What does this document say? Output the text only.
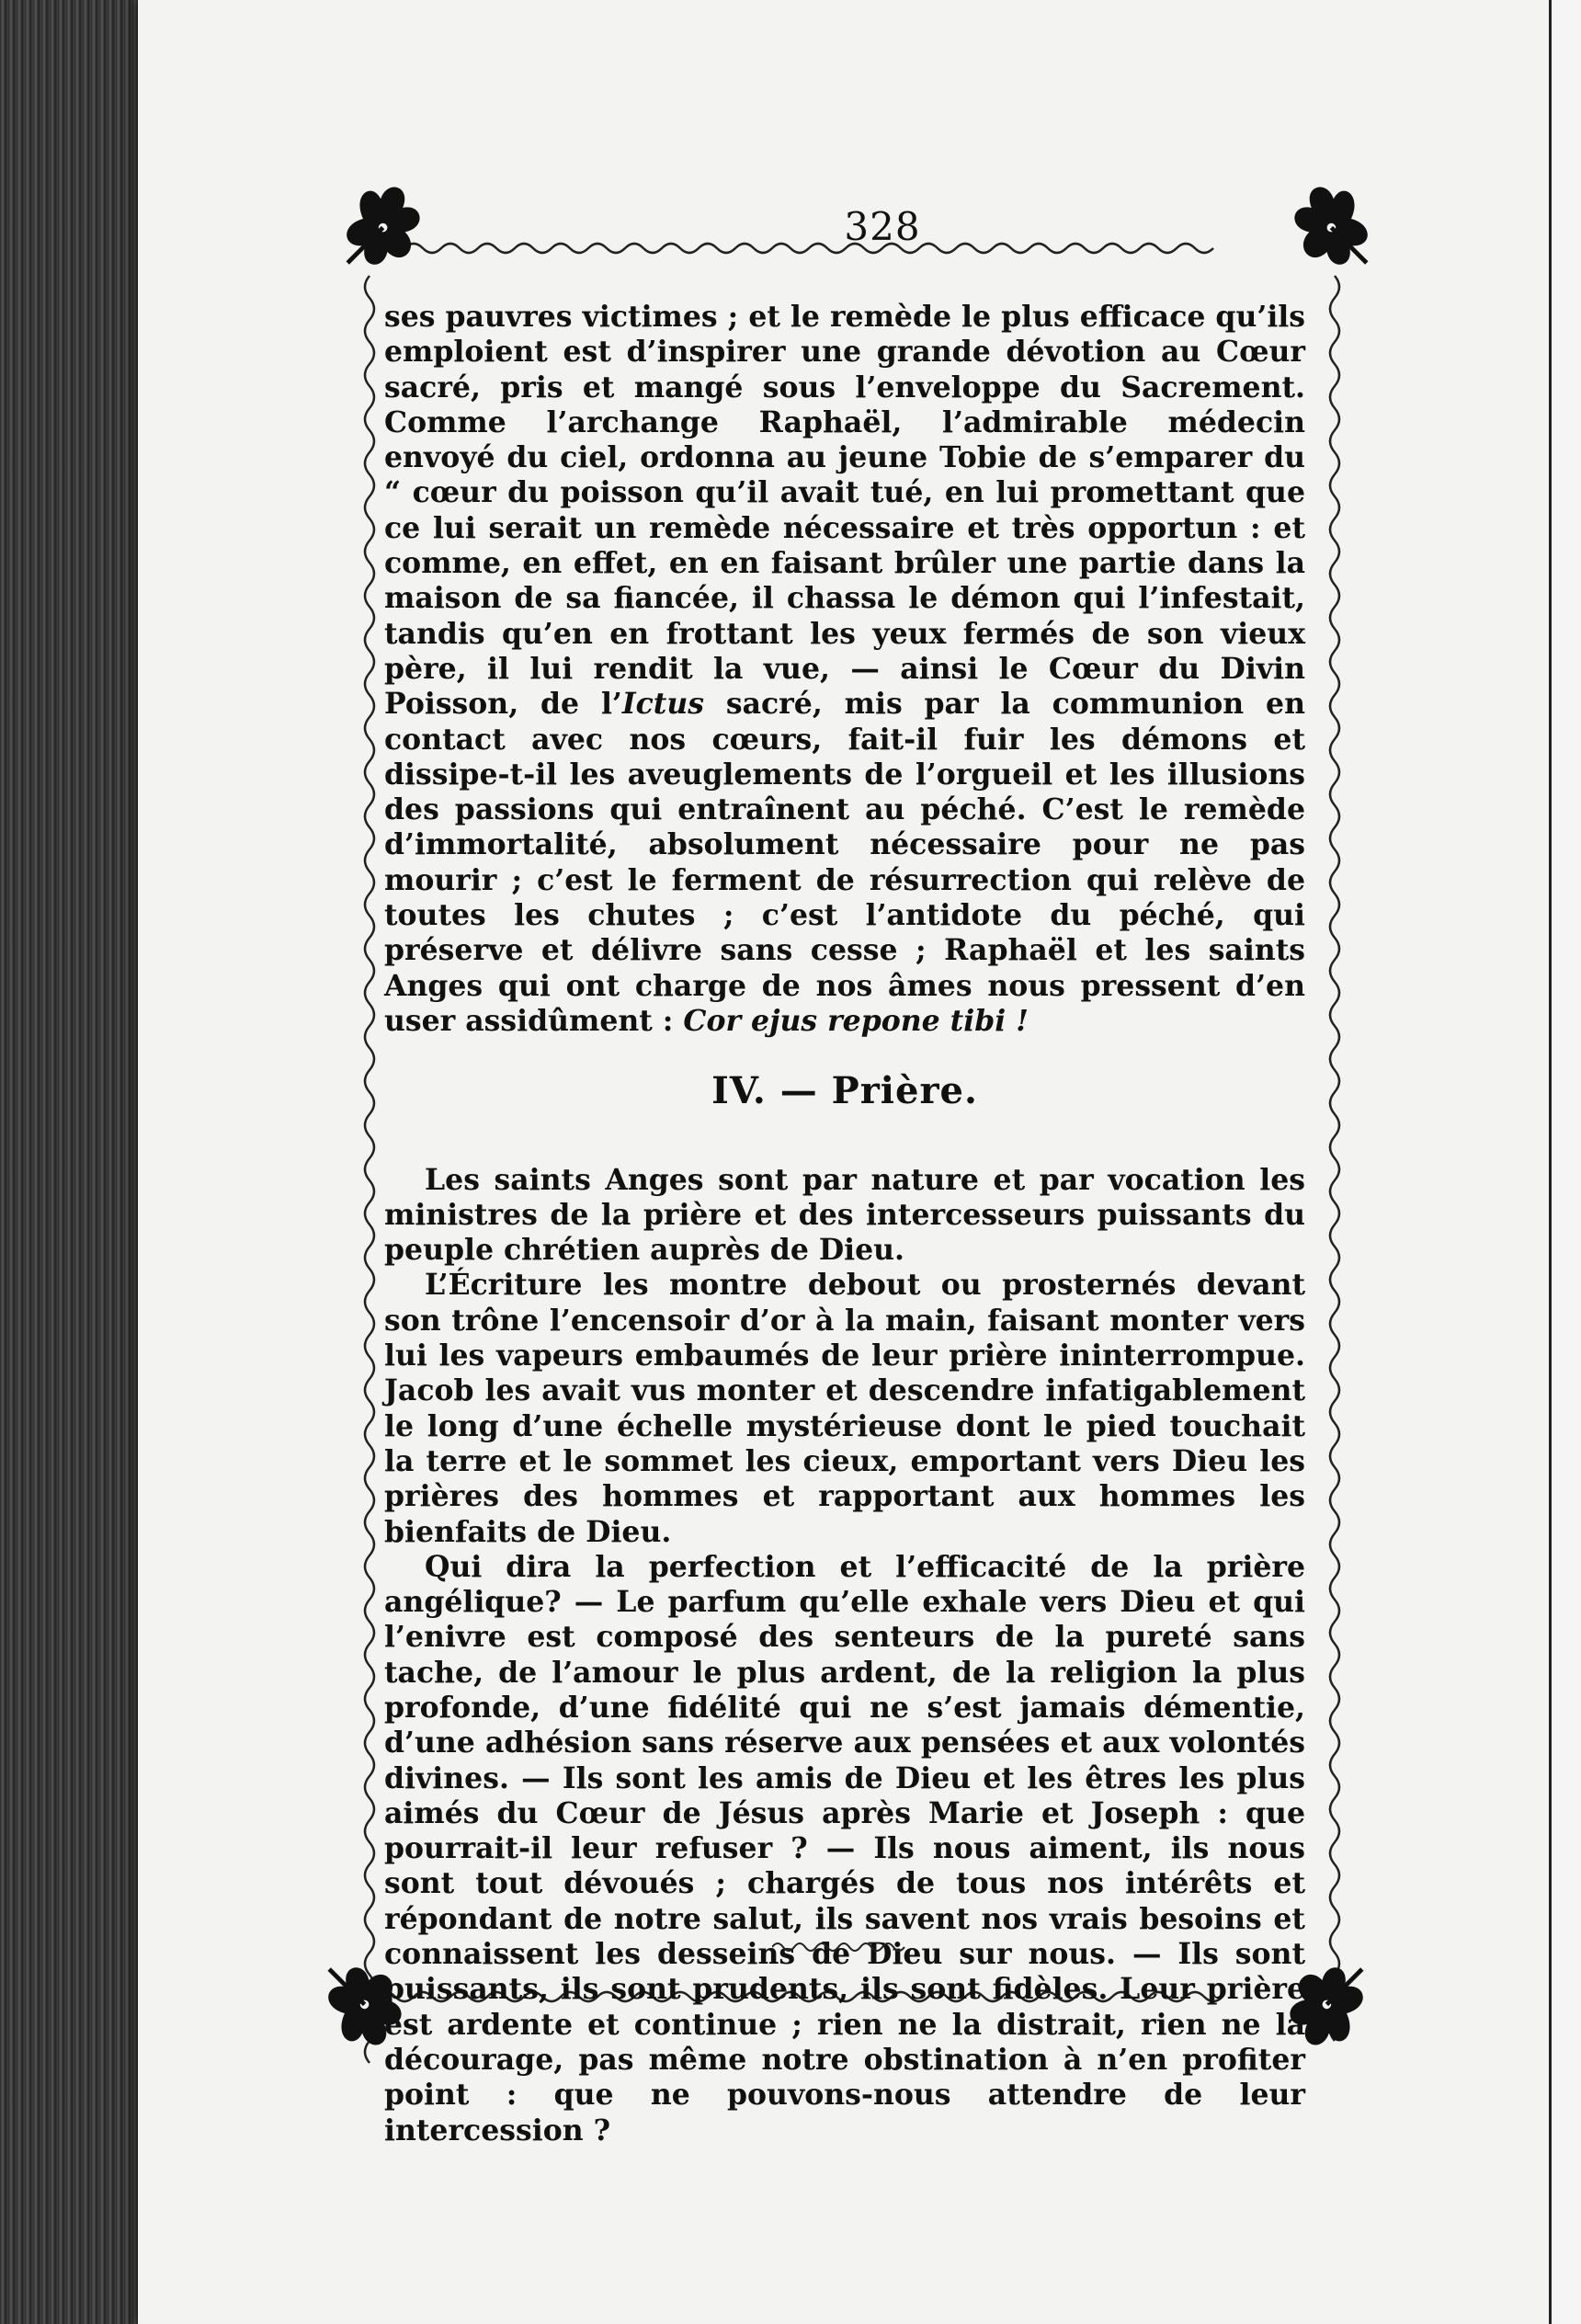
328

ses pauvres victimes ; et le remède le plus efficace qu’ils emploient est d’inspirer une grande dévotion au Cœur sacré, pris et mangé sous l’enveloppe du Sacrement. Comme l’archange Raphaël, l’admirable médecin envoyé du ciel, ordonna au jeune Tobie de s’emparer du “ cœur du poisson qu’il avait tué, en lui promettant que ce lui serait un remède nécessaire et très opportun : et comme, en effet, en en faisant brûler une partie dans la maison de sa fiancée, il chassa le démon qui l’infestait, tandis qu’en en frottant les yeux fermés de son vieux père, il lui rendit la vue, — ainsi le Cœur du Divin Poisson, de l’Ictus sacré, mis par la communion en contact avec nos cœurs, fait-il fuir les démons et dissipe-t-il les aveuglements de l’orgueil et les illusions des passions qui entraînent au péché. C’est le remède d’immortalité, absolument nécessaire pour ne pas mourir ; c’est le ferment de résurrection qui relève de toutes les chutes ; c’est l’antidote du péché, qui préserve et délivre sans cesse ; Raphaël et les saints Anges qui ont charge de nos âmes nous pressent d’en user assidûment : Cor ejus repone tibi !

IV. — Prière.

Les saints Anges sont par nature et par vocation les ministres de la prière et des intercesseurs puissants du peuple chrétien auprès de Dieu.

L’Écriture les montre debout ou prosternés devant son trône l’encensoir d’or à la main, faisant monter vers lui les vapeurs embaumés de leur prière ininterrompue. Jacob les avait vus monter et descendre infatigablement le long d’une échelle mystérieuse dont le pied touchait la terre et le sommet les cieux, emportant vers Dieu les prières des hommes et rapportant aux hommes les bienfaits de Dieu.

Qui dira la perfection et l’efficacité de la prière angélique? — Le parfum qu’elle exhale vers Dieu et qui l’enivre est composé des senteurs de la pureté sans tache, de l’amour le plus ardent, de la religion la plus profonde, d’une fidélité qui ne s’est jamais démentie, d’une adhésion sans réserve aux pensées et aux volontés divines. — Ils sont les amis de Dieu et les êtres les plus aimés du Cœur de Jésus après Marie et Joseph : que pourrait-il leur refuser ? — Ils nous aiment, ils nous sont tout dévoués ; chargés de tous nos intérêts et répondant de notre salut, ils savent nos vrais besoins et connaissent les desseins de Dieu sur nous. — Ils sont puissants, ils sont prudents, ils sont fidèles. Leur prière est ardente et continue ; rien ne la distrait, rien ne la décourage, pas même notre obstination à n’en profiter point : que ne pouvons-nous attendre de leur intercession ?
